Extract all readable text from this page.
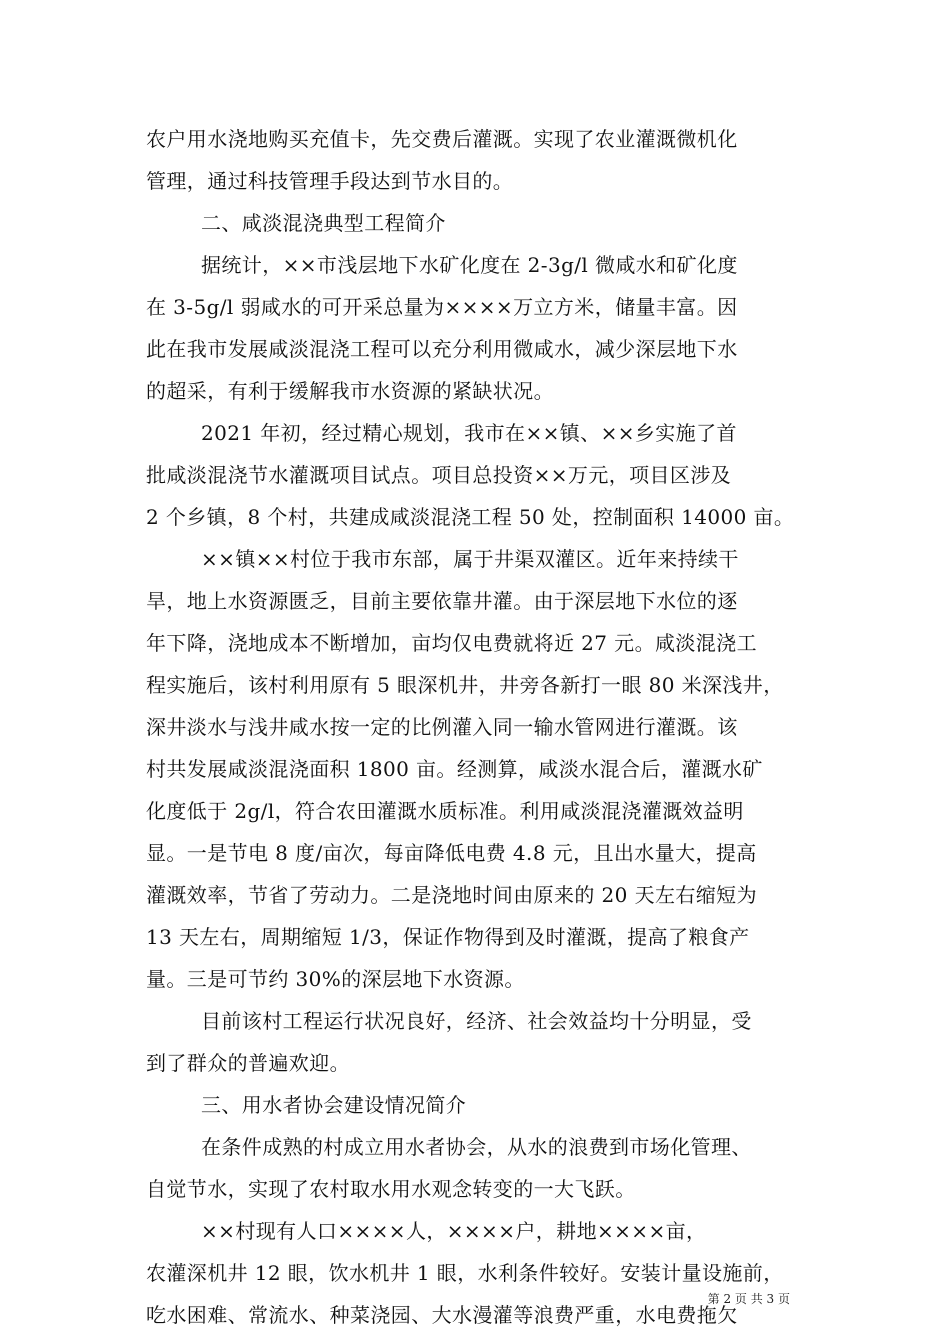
农户用水浇地购买充值卡，先交费后灌溉。实现了农业灌溉微机化
管理，通过科技管理手段达到节水目的。
二、咸淡混浇典型工程简介
据统计，××市浅层地下水矿化度在 2-3g/l 微咸水和矿化度
在 3-5g/l 弱咸水的可开采总量为××××万立方米，储量丰富。因
此在我市发展咸淡混浇工程可以充分利用微咸水，减少深层地下水
的超采，有利于缓解我市水资源的紧缺状况。
2021 年初，经过精心规划，我市在××镇、××乡实施了首
批咸淡混浇节水灌溉项目试点。项目总投资××万元，项目区涉及
2 个乡镇，8 个村，共建成咸淡混浇工程 50 处，控制面积 14000 亩。
××镇××村位于我市东部，属于井渠双灌区。近年来持续干
旱，地上水资源匮乏，目前主要依靠井灌。由于深层地下水位的逐
年下降，浇地成本不断增加，亩均仅电费就将近 27 元。咸淡混浇工
程实施后，该村利用原有 5 眼深机井，井旁各新打一眼 80 米深浅井，
深井淡水与浅井咸水按一定的比例灌入同一输水管网进行灌溉。该
村共发展咸淡混浇面积 1800 亩。经测算，咸淡水混合后，灌溉水矿
化度低于 2g/l，符合农田灌溉水质标准。利用咸淡混浇灌溉效益明
显。一是节电 8 度/亩次，每亩降低电费 4.8 元，且出水量大，提高
灌溉效率，节省了劳动力。二是浇地时间由原来的 20 天左右缩短为
13 天左右，周期缩短 1/3，保证作物得到及时灌溉，提高了粮食产
量。三是可节约 30%的深层地下水资源。
目前该村工程运行状况良好，经济、社会效益均十分明显，受
到了群众的普遍欢迎。
三、用水者协会建设情况简介
在条件成熟的村成立用水者协会，从水的浪费到市场化管理、
自觉节水，实现了农村取水用水观念转变的一大飞跃。
××村现有人口××××人，××××户，耕地××××亩，
农灌深机井 12 眼，饮水机井 1 眼，水利条件较好。安装计量设施前，
吃水困难、常流水、种菜浇园、大水漫灌等浪费严重，水电费拖欠
第 2 页 共 3 页
